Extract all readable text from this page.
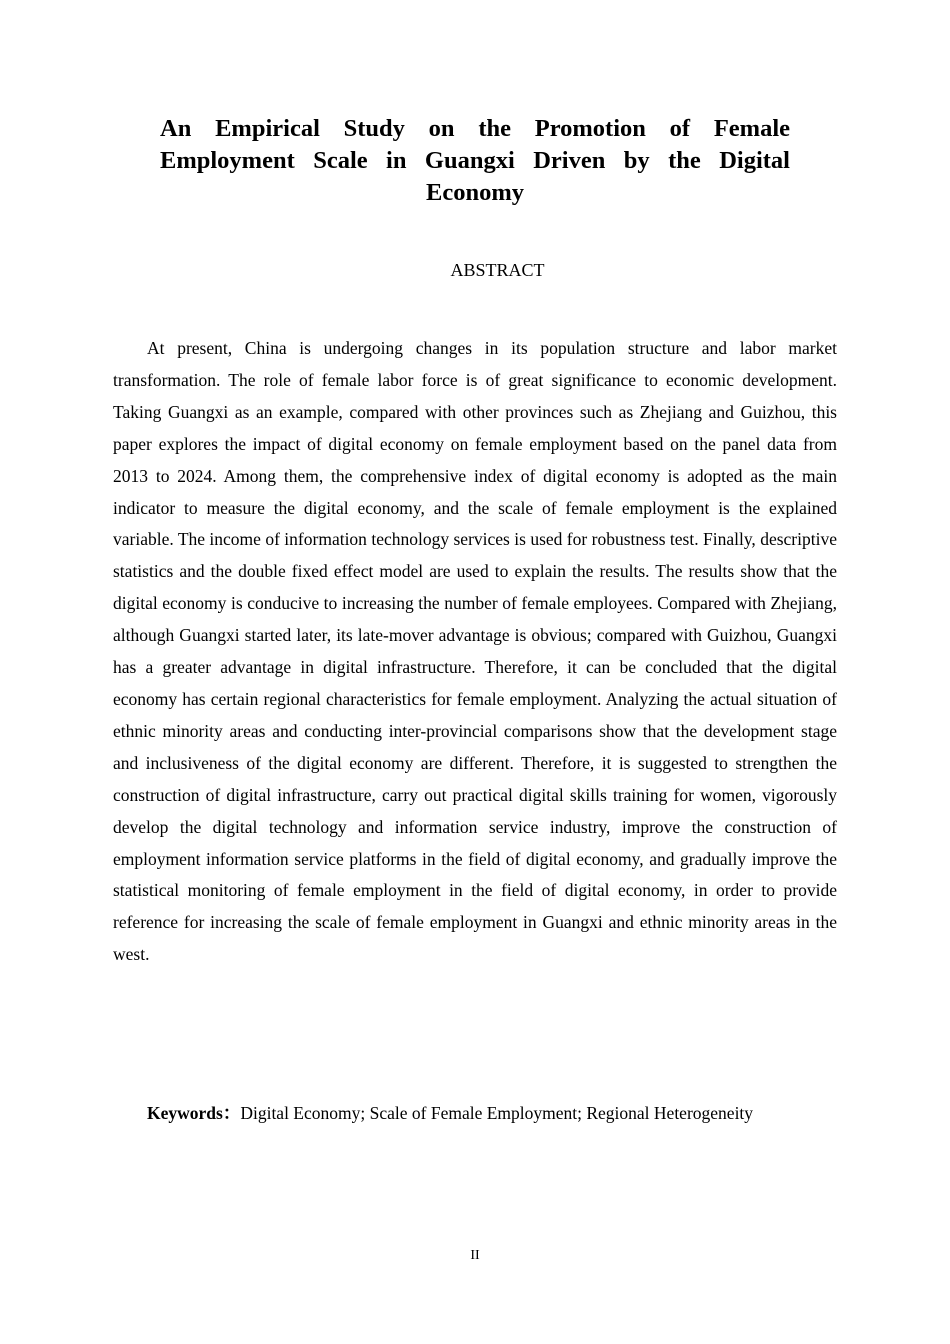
An Empirical Study on the Promotion of Female Employment Scale in Guangxi Driven by the Digital Economy
ABSTRACT

At present, China is undergoing changes in its population structure and labor market transformation. The role of female labor force is of great significance to economic development. Taking Guangxi as an example, compared with other provinces such as Zhejiang and Guizhou, this paper explores the impact of digital economy on female employment based on the panel data from 2013 to 2024. Among them, the comprehensive index of digital economy is adopted as the main indicator to measure the digital economy, and the scale of female employment is the explained variable. The income of information technology services is used for robustness test. Finally, descriptive statistics and the double fixed effect model are used to explain the results. The results show that the digital economy is conducive to increasing the number of female employees. Compared with Zhejiang, although Guangxi started later, its late-mover advantage is obvious; compared with Guizhou, Guangxi has a greater advantage in digital infrastructure. Therefore, it can be concluded that the digital economy has certain regional characteristics for female employment. Analyzing the actual situation of ethnic minority areas and conducting inter-provincial comparisons show that the development stage and inclusiveness of the digital economy are different. Therefore, it is suggested to strengthen the construction of digital infrastructure, carry out practical digital skills training for women, vigorously develop the digital technology and information service industry, improve the construction of employment information service platforms in the field of digital economy, and gradually improve the statistical monitoring of female employment in the field of digital economy, in order to provide reference for increasing the scale of female employment in Guangxi and ethnic minority areas in the west.

Keywords：Digital Economy; Scale of Female Employment; Regional Heterogeneity

II
